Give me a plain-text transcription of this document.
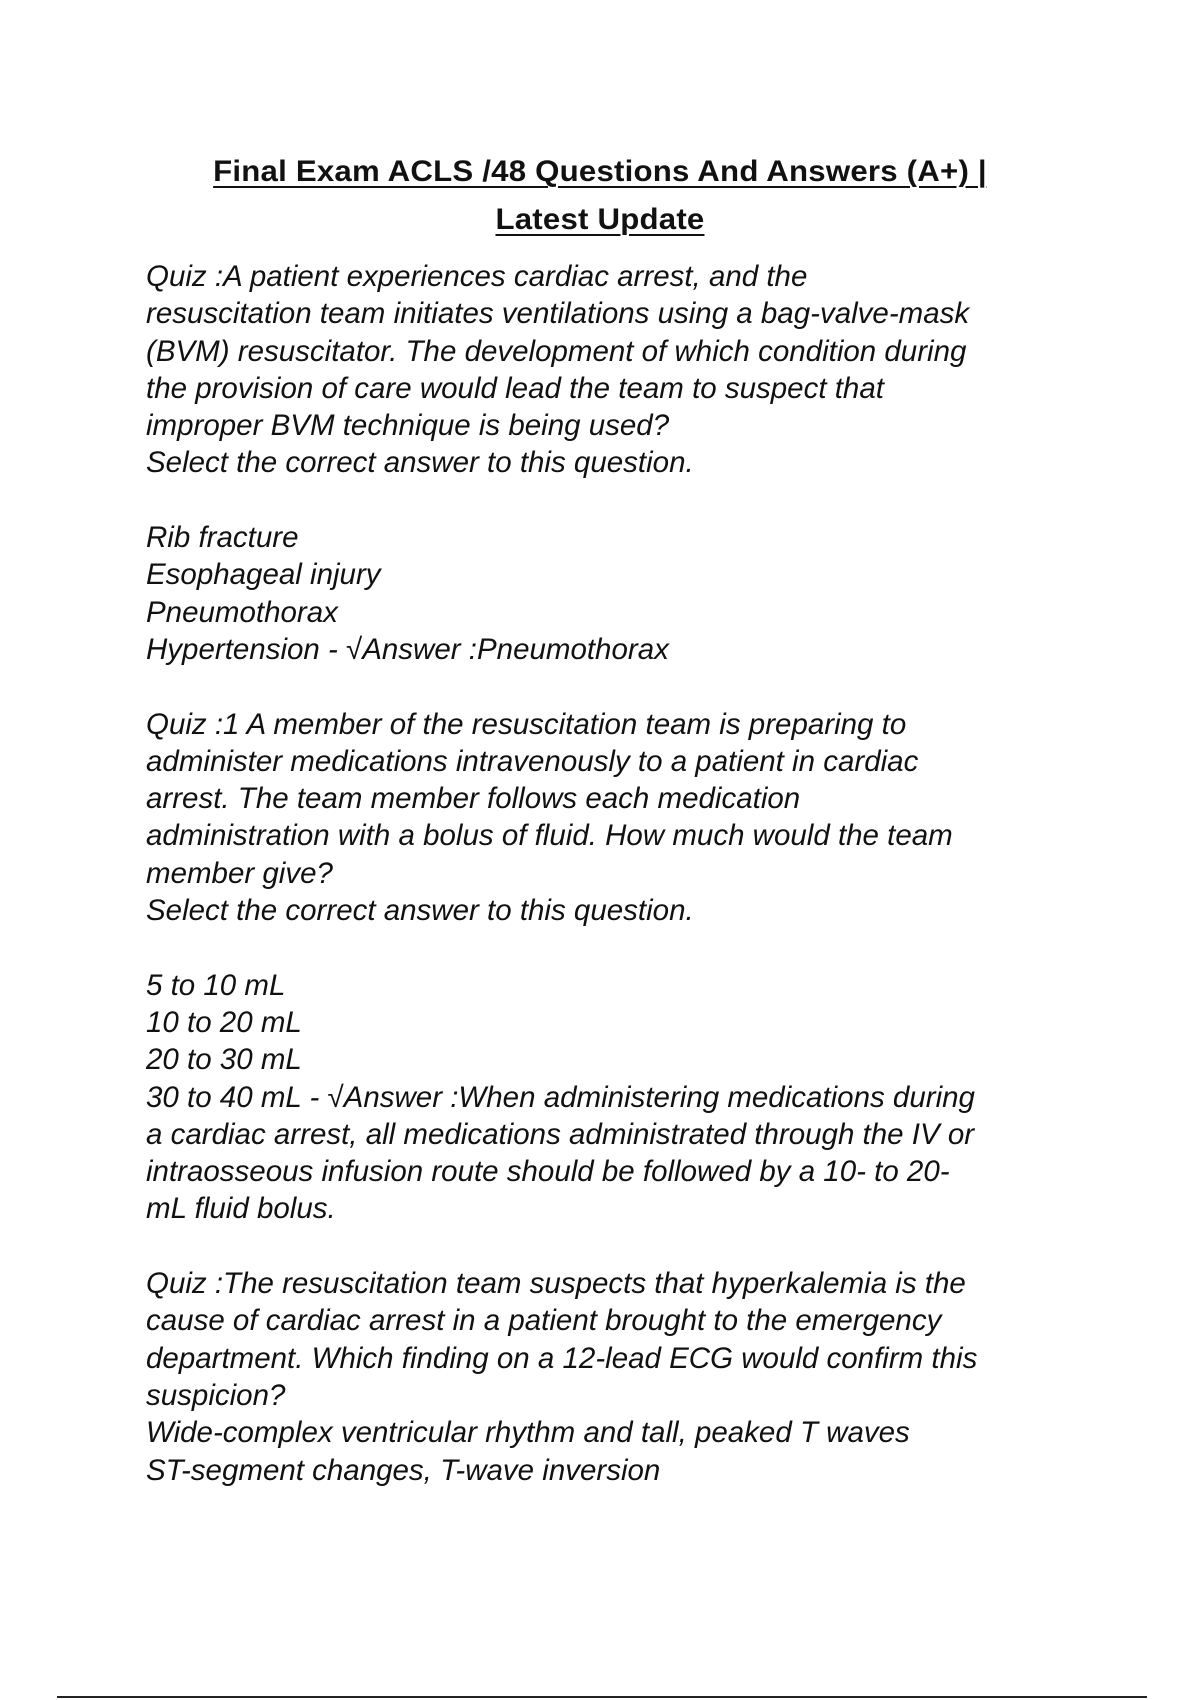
Final Exam ACLS /48 Questions And Answers (A+) |
Latest Update
Quiz :A patient experiences cardiac arrest, and the
resuscitation team initiates ventilations using a bag-valve-mask
(BVM) resuscitator. The development of which condition during
the provision of care would lead the team to suspect that
improper BVM technique is being used?
Select the correct answer to this question.
Rib fracture
Esophageal injury
Pneumothorax
Hypertension - √Answer :Pneumothorax
Quiz :1 A member of the resuscitation team is preparing to
administer medications intravenously to a patient in cardiac
arrest. The team member follows each medication
administration with a bolus of fluid. How much would the team
member give?
Select the correct answer to this question.
5 to 10 mL
10 to 20 mL
20 to 30 mL
30 to 40 mL - √Answer :When administering medications during
a cardiac arrest, all medications administrated through the IV or
intraosseous infusion route should be followed by a 10- to 20-
mL fluid bolus.
Quiz :The resuscitation team suspects that hyperkalemia is the
cause of cardiac arrest in a patient brought to the emergency
department. Which finding on a 12-lead ECG would confirm this
suspicion?
Wide-complex ventricular rhythm and tall, peaked T waves
ST-segment changes, T-wave inversion
